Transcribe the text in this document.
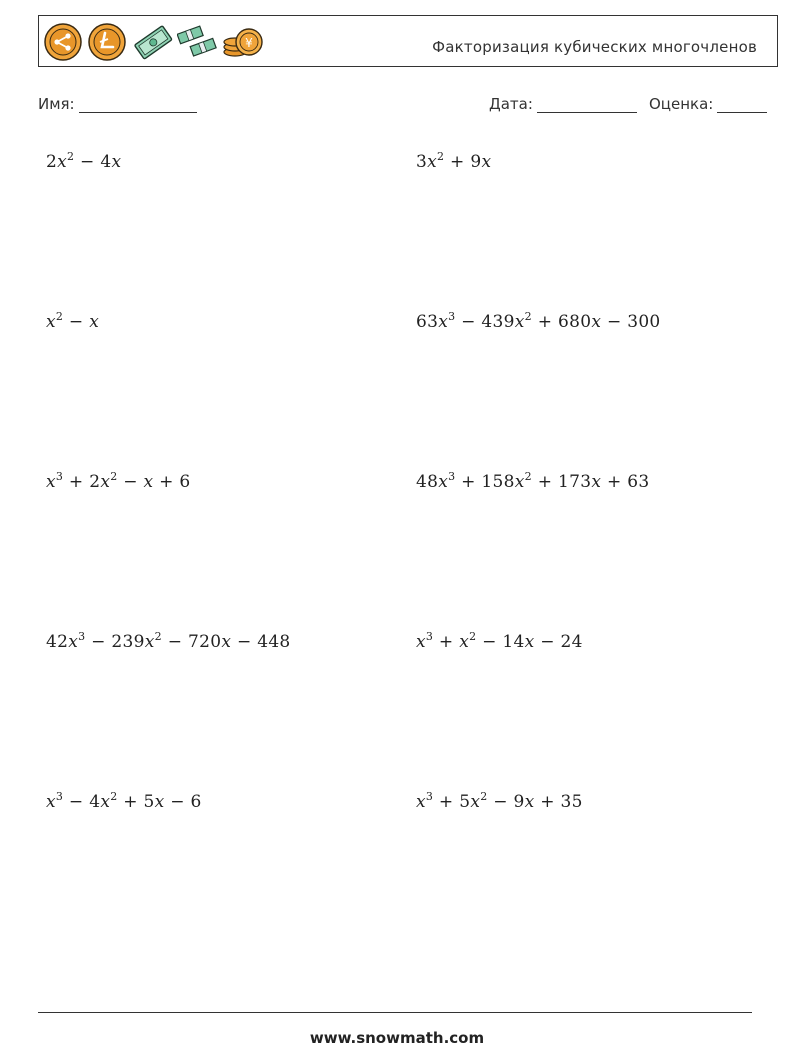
¥	Факторизация кубических многочленов
Имя:	Дата:	Оценка:
$2x^2 - 4x$	$3x^2 + 9x$
$x^2 - x$	$63x^3 - 439x^2 + 680x - 300$
$x^3 + 2x^2 - x + 6$	$48x^3 + 158x^2 + 173x + 63$
$42x^3 - 239x^2 - 720x - 448$	$x^3 + x^2 - 14x - 24$
$x^3 - 4x^2 + 5x - 6$	$x^3 + 5x^2 - 9x + 35$
www.snowmath.com
